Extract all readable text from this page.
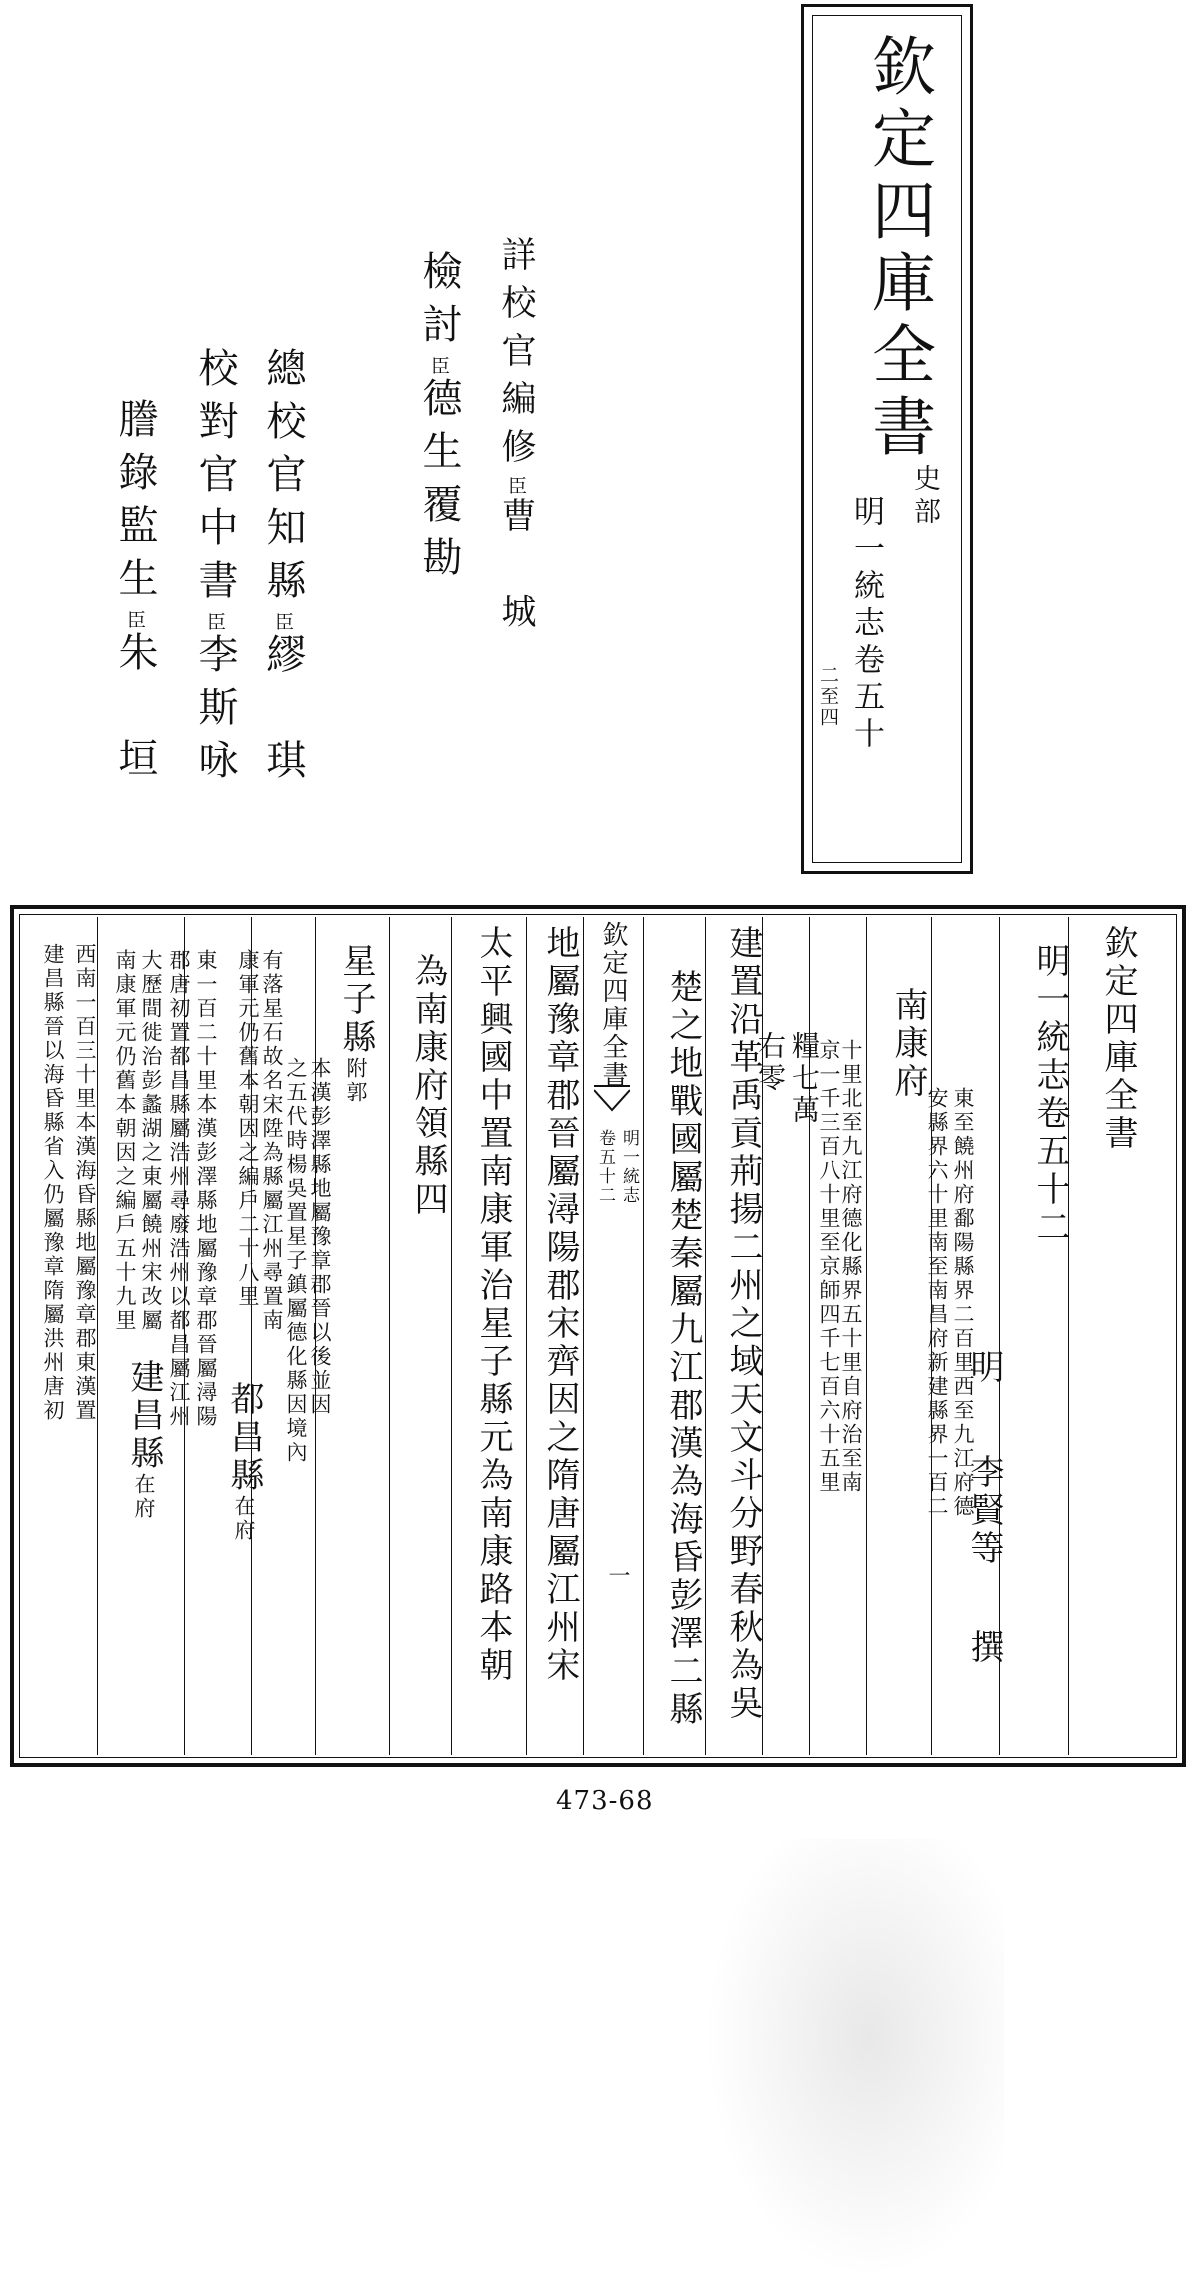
欽定四庫全書
史部
明一統志卷五十
二至四
詳校官編修臣曹　城
檢討臣德生覆勘
總校官知縣臣繆　琪
校對官中書臣李斯咏
謄錄監生臣朱　垣
欽定四庫全書
明一統志卷五十二
明
李賢等
撰
南康府
東至饒州府鄱陽縣界二百里西至九江府德
安縣界六十里南至南昌府新建縣界一百二
十里北至九江府德化縣界五十里自府治至南
京一千三百八十里至京師四千七百六十五里
糧七萬
右零
建置沿革禹貢荊揚二州之域天文斗分野春秋為吳
楚之地戰國屬楚秦屬九江郡漢為海昏彭澤二縣
欽定四庫全書
明一統志
卷五十二
一
地屬豫章郡晉屬潯陽郡宋齊因之隋唐屬江州宋
太平興國中置南康軍治星子縣元為南康路本朝
為南康府領縣四
星子縣附郭
本漢彭澤縣地屬豫章郡晉以後並因
之五代時楊吳置星子鎮屬德化縣因境內
有落星石故名宋陞為縣屬江州尋置南
康軍元仍舊本朝因之編戶二十八里
都昌縣在府
東一百二十里本漢彭澤縣地屬豫章郡晉屬潯陽
郡唐初置都昌縣屬浩州尋廢浩州以都昌屬江州
大歷間徙治彭蠡湖之東屬饒州宋改屬
南康軍元仍舊本朝因之編戶五十九里
建昌縣在府
西南一百三十里本漢海昏縣地屬豫章郡東漢置
建昌縣晉以海昏縣省入仍屬豫章隋屬洪州唐初
473-68
